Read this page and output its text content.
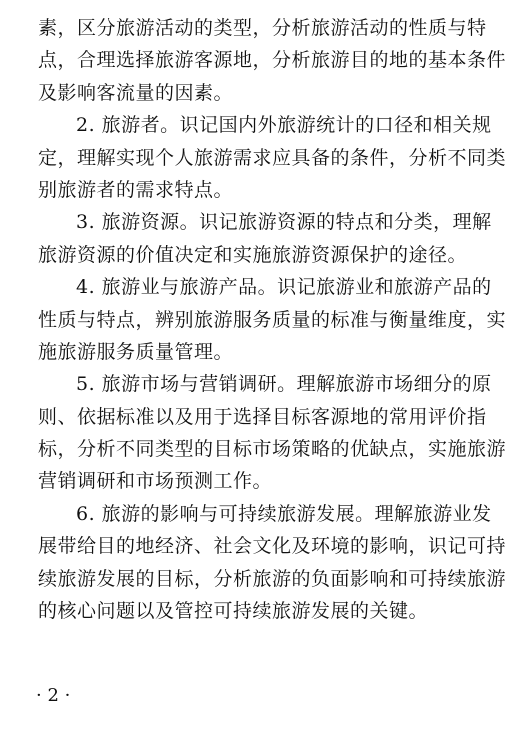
素，区分旅游活动的类型，分析旅游活动的性质与特
点，合理选择旅游客源地，分析旅游目的地的基本条件
及影响客流量的因素。
2. 旅游者。识记国内外旅游统计的口径和相关规
定，理解实现个人旅游需求应具备的条件，分析不同类
别旅游者的需求特点。
3. 旅游资源。识记旅游资源的特点和分类，理解
旅游资源的价值决定和实施旅游资源保护的途径。
4. 旅游业与旅游产品。识记旅游业和旅游产品的
性质与特点，辨别旅游服务质量的标准与衡量维度，实
施旅游服务质量管理。
5. 旅游市场与营销调研。理解旅游市场细分的原
则、依据标准以及用于选择目标客源地的常用评价指
标，分析不同类型的目标市场策略的优缺点，实施旅游
营销调研和市场预测工作。
6. 旅游的影响与可持续旅游发展。理解旅游业发
展带给目的地经济、社会文化及环境的影响，识记可持
续旅游发展的目标，分析旅游的负面影响和可持续旅游
的核心问题以及管控可持续旅游发展的关键。
· 2 ·
